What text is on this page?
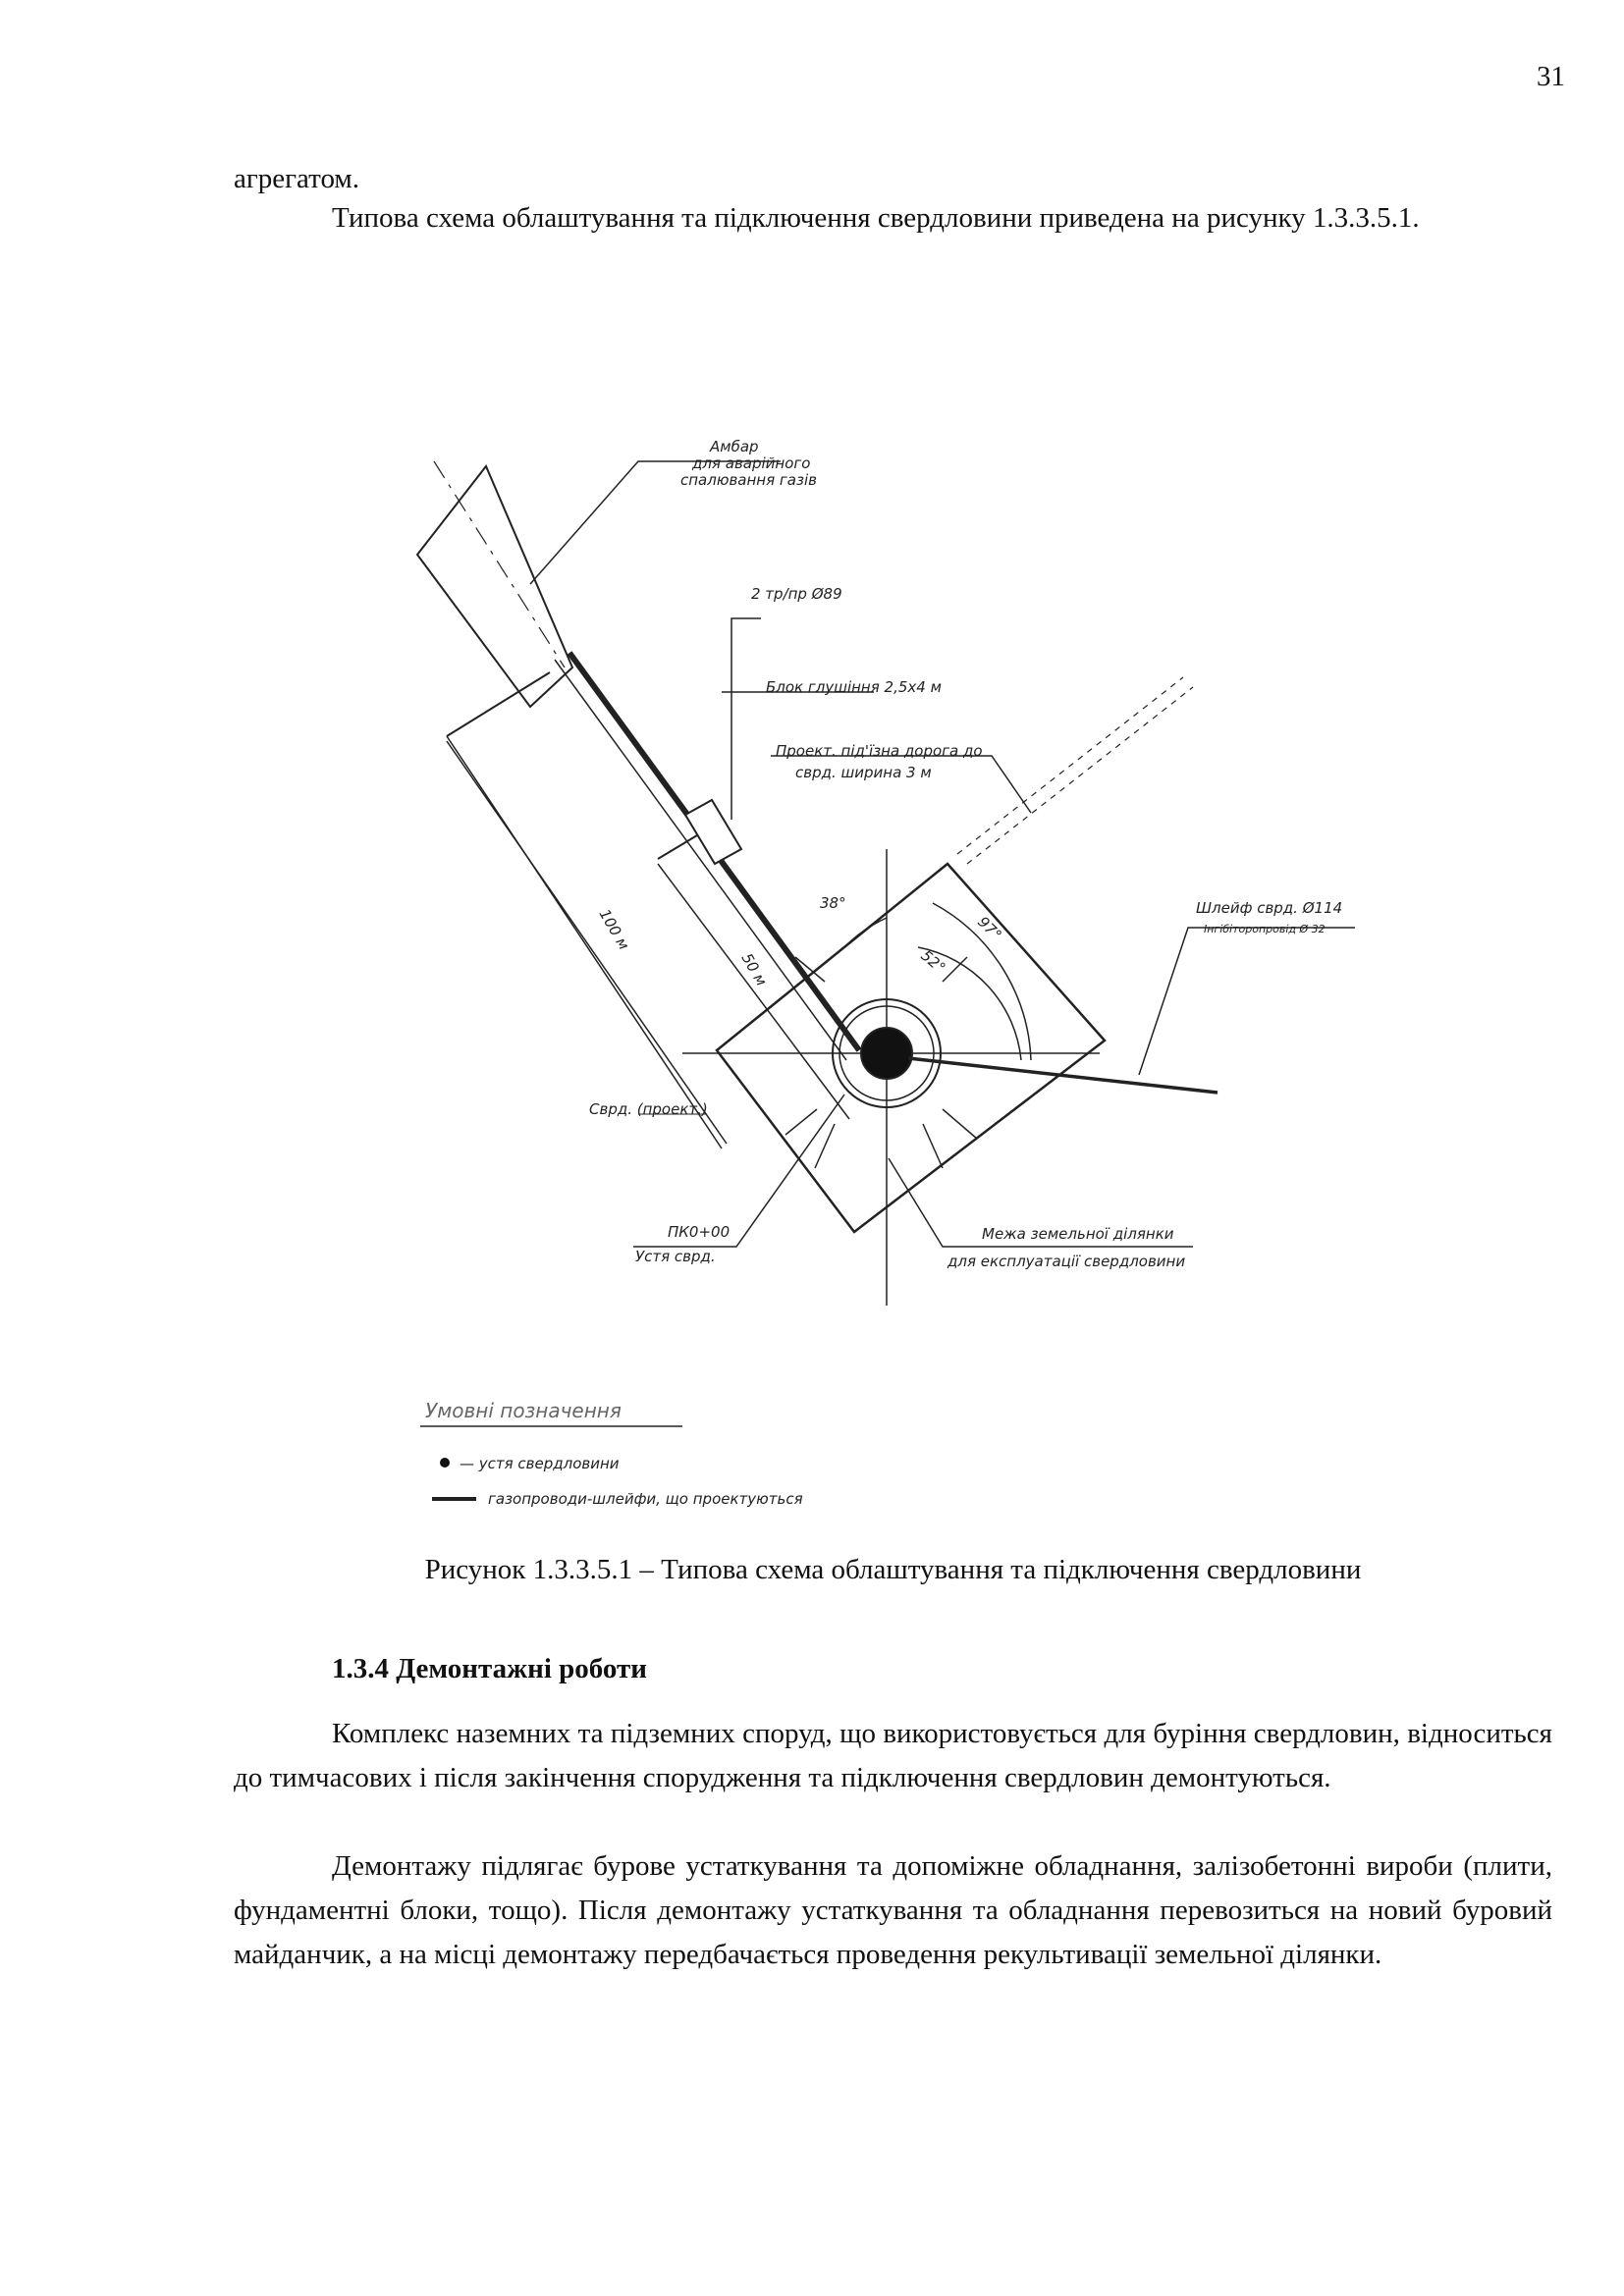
31

агрегатом.

Типова схема облаштування та підключення свердловини приведена на рисунку 1.3.3.5.1.

Амбар
для аварійного
спалювання газів
2 тр/пр Ø89
Блок глушіння 2,5х4 м
Проект. під'їзна дорога до
сврд. ширина 3 м
Шлейф сврд. Ø114
Інгібіторопровід Ø 32
100 м
50 м
38°
52°
97°
Сврд. (проект.)
ПК0+00
Устя сврд.
Межа земельної ділянки
для експлуатації свердловини
Умовні позначення
— устя свердловини
газопроводи-шлейфи, що проектуються

Рисунок 1.3.3.5.1 – Типова схема облаштування та підключення свердловини

1.3.4 Демонтажні роботи

Комплекс наземних та підземних споруд, що використовується для буріння свердловин, відноситься до тимчасових і після закінчення спорудження та підключення свердловин демонтуються.

Демонтажу підлягає бурове устаткування та допоміжне обладнання, залізобетонні вироби (плити, фундаментні блоки, тощо). Після демонтажу устаткування та обладнання перевозиться на новий буровий майданчик, а на місці демонтажу передбачається проведення рекультивації земельної ділянки.
